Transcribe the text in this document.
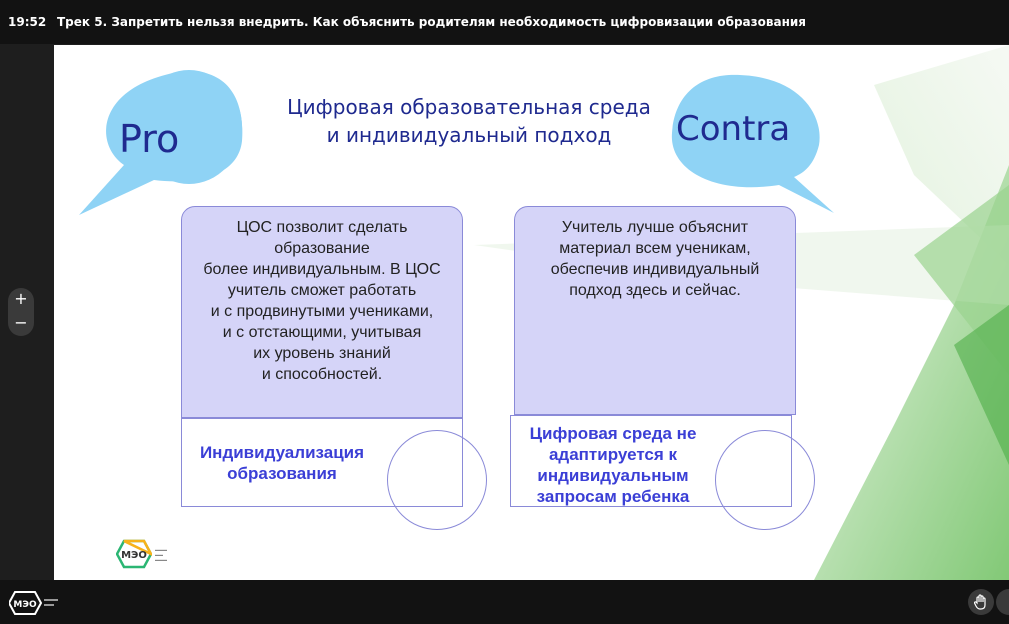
19:52 Трек 5. Запретить нельзя внедрить. Как объяснить родителям необходимость цифровизации образования
Цифровая образовательная среда
и индивидуальный подход
Pro	Contra

ЦОС позволит сделать
образование
более индивидуальным. В ЦОС
учитель сможет работать
и с продвинутыми учениками,
и с отстающими, учитывая
их уровень знаний
и способностей.

Индивидуализация
образования

Учитель лучше объяснит
материал всем ученикам,
обеспечив индивидуальный
подход здесь и сейчас.

Цифровая среда не
адаптируется к
индивидуальным
запросам ребенка
МЭО
▬▬▬ ▬▬ ▬▬▬
+
−
МЭО
